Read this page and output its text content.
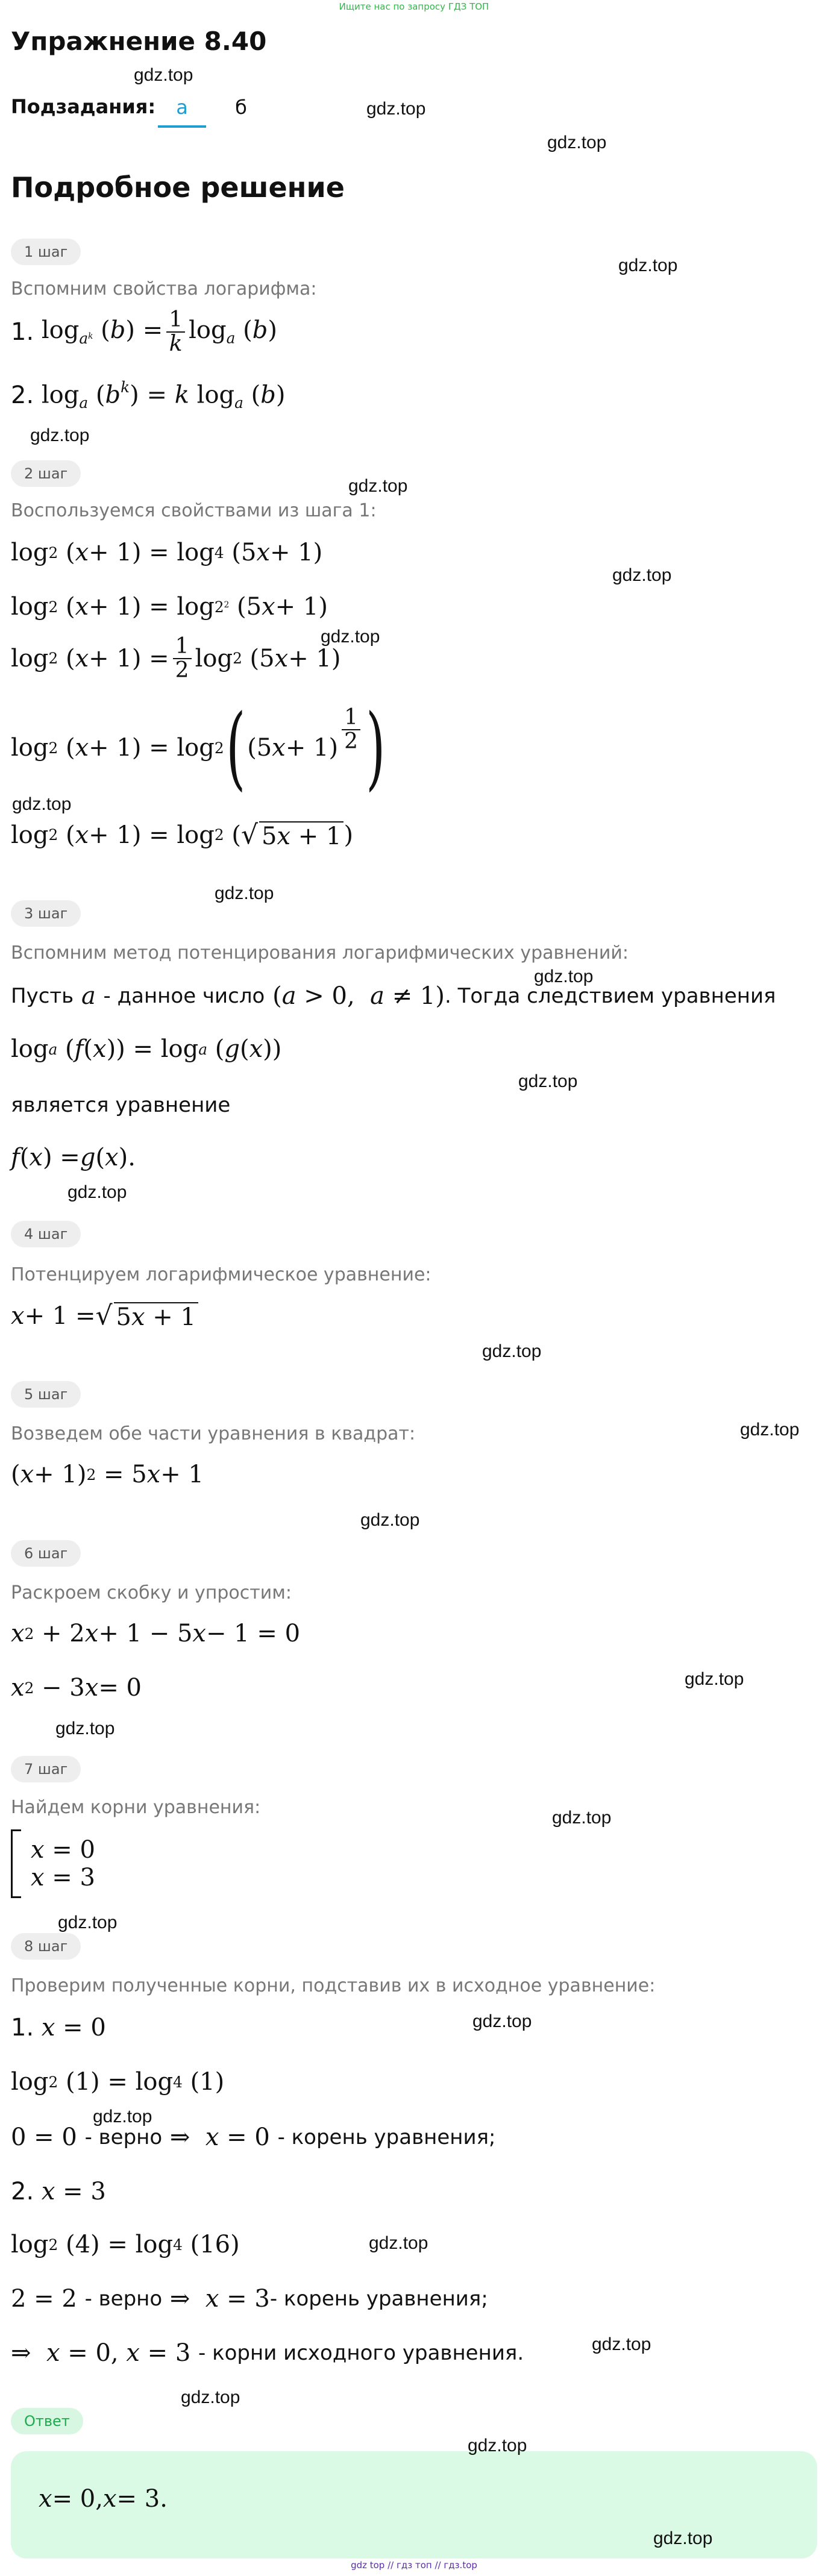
Ищите нас по запросу ГДЗ ТОП
Упражнение 8.40
Подзадания:	а	б
Подробное решение
1 шаг
Вспомним свойства логарифма:
1. $\log_{a^k} (b) = \frac{1}{k} \log_a (b)$
2. $\log_a (b^k) = k$ $\log_a (b)$
2 шаг
Воспользуемся свойствами из шага 1:
log 2 ( x + 1) = log 4 (5 x + 1)
log 2 ( $x + 1) = \log 2^2$ (5 x + 1)
log 2 ( $x + 1) = \frac{1}{2}$ log 2 (5 x + 1)
log 2 ( x + 1) = log 2 ( (5 $x + 1) \frac{1}{2}$ )
log 2 ( x + 1) = log 2 ( √ 5x + 1 )
3 шаг
Вспомним метод потенцирования логарифмических уравнений:
Пусть a - данное число (a > 0,  a ≠ 1) . Тогда следствием уравнения
log a ( f ( x )) = log a ( g ( x ))
является уравнение
f ( x ) = g ( x ).
4 шаг
Потенцируем логарифмическое уравнение:
x + 1 = √ 5x + 1
5 шаг
Возведем обе части уравнения в квадрат:
( x + 1) 2 = 5 x + 1
6 шаг
Раскроем скобку и упростим:
x 2 + 2 x + 1 − 5 x − 1 = 0
x 2 − 3 x = 0
7 шаг
Найдем корни уравнения:
x = 0
x = 3
8 шаг
Проверим полученные корни, подставив их в исходное уравнение:
1. x = 0
log 2 (1) = log 4 (1)
0 = 0 - верно ⇒  x = 0 - корень уравнения;
2. x = 3
log 2 (4) = log 4 (16)
2 = 2 - верно ⇒  x = 3 - корень уравнения;
⇒  x = 0, x = 3 - корни исходного уравнения.
Ответ
x = 0, x = 3.
gdz.top
gdz.top
gdz.top
gdz.top
gdz.top
gdz.top
gdz.top
gdz.top
gdz.top
gdz.top
gdz.top
gdz.top
gdz.top
gdz.top
gdz.top
gdz.top
gdz.top
gdz.top
gdz.top
gdz.top
gdz.top
gdz.top
gdz.top
gdz.top
gdz.top
gdz.top
gdz.top
gdz top // гдз топ // гдз.top
